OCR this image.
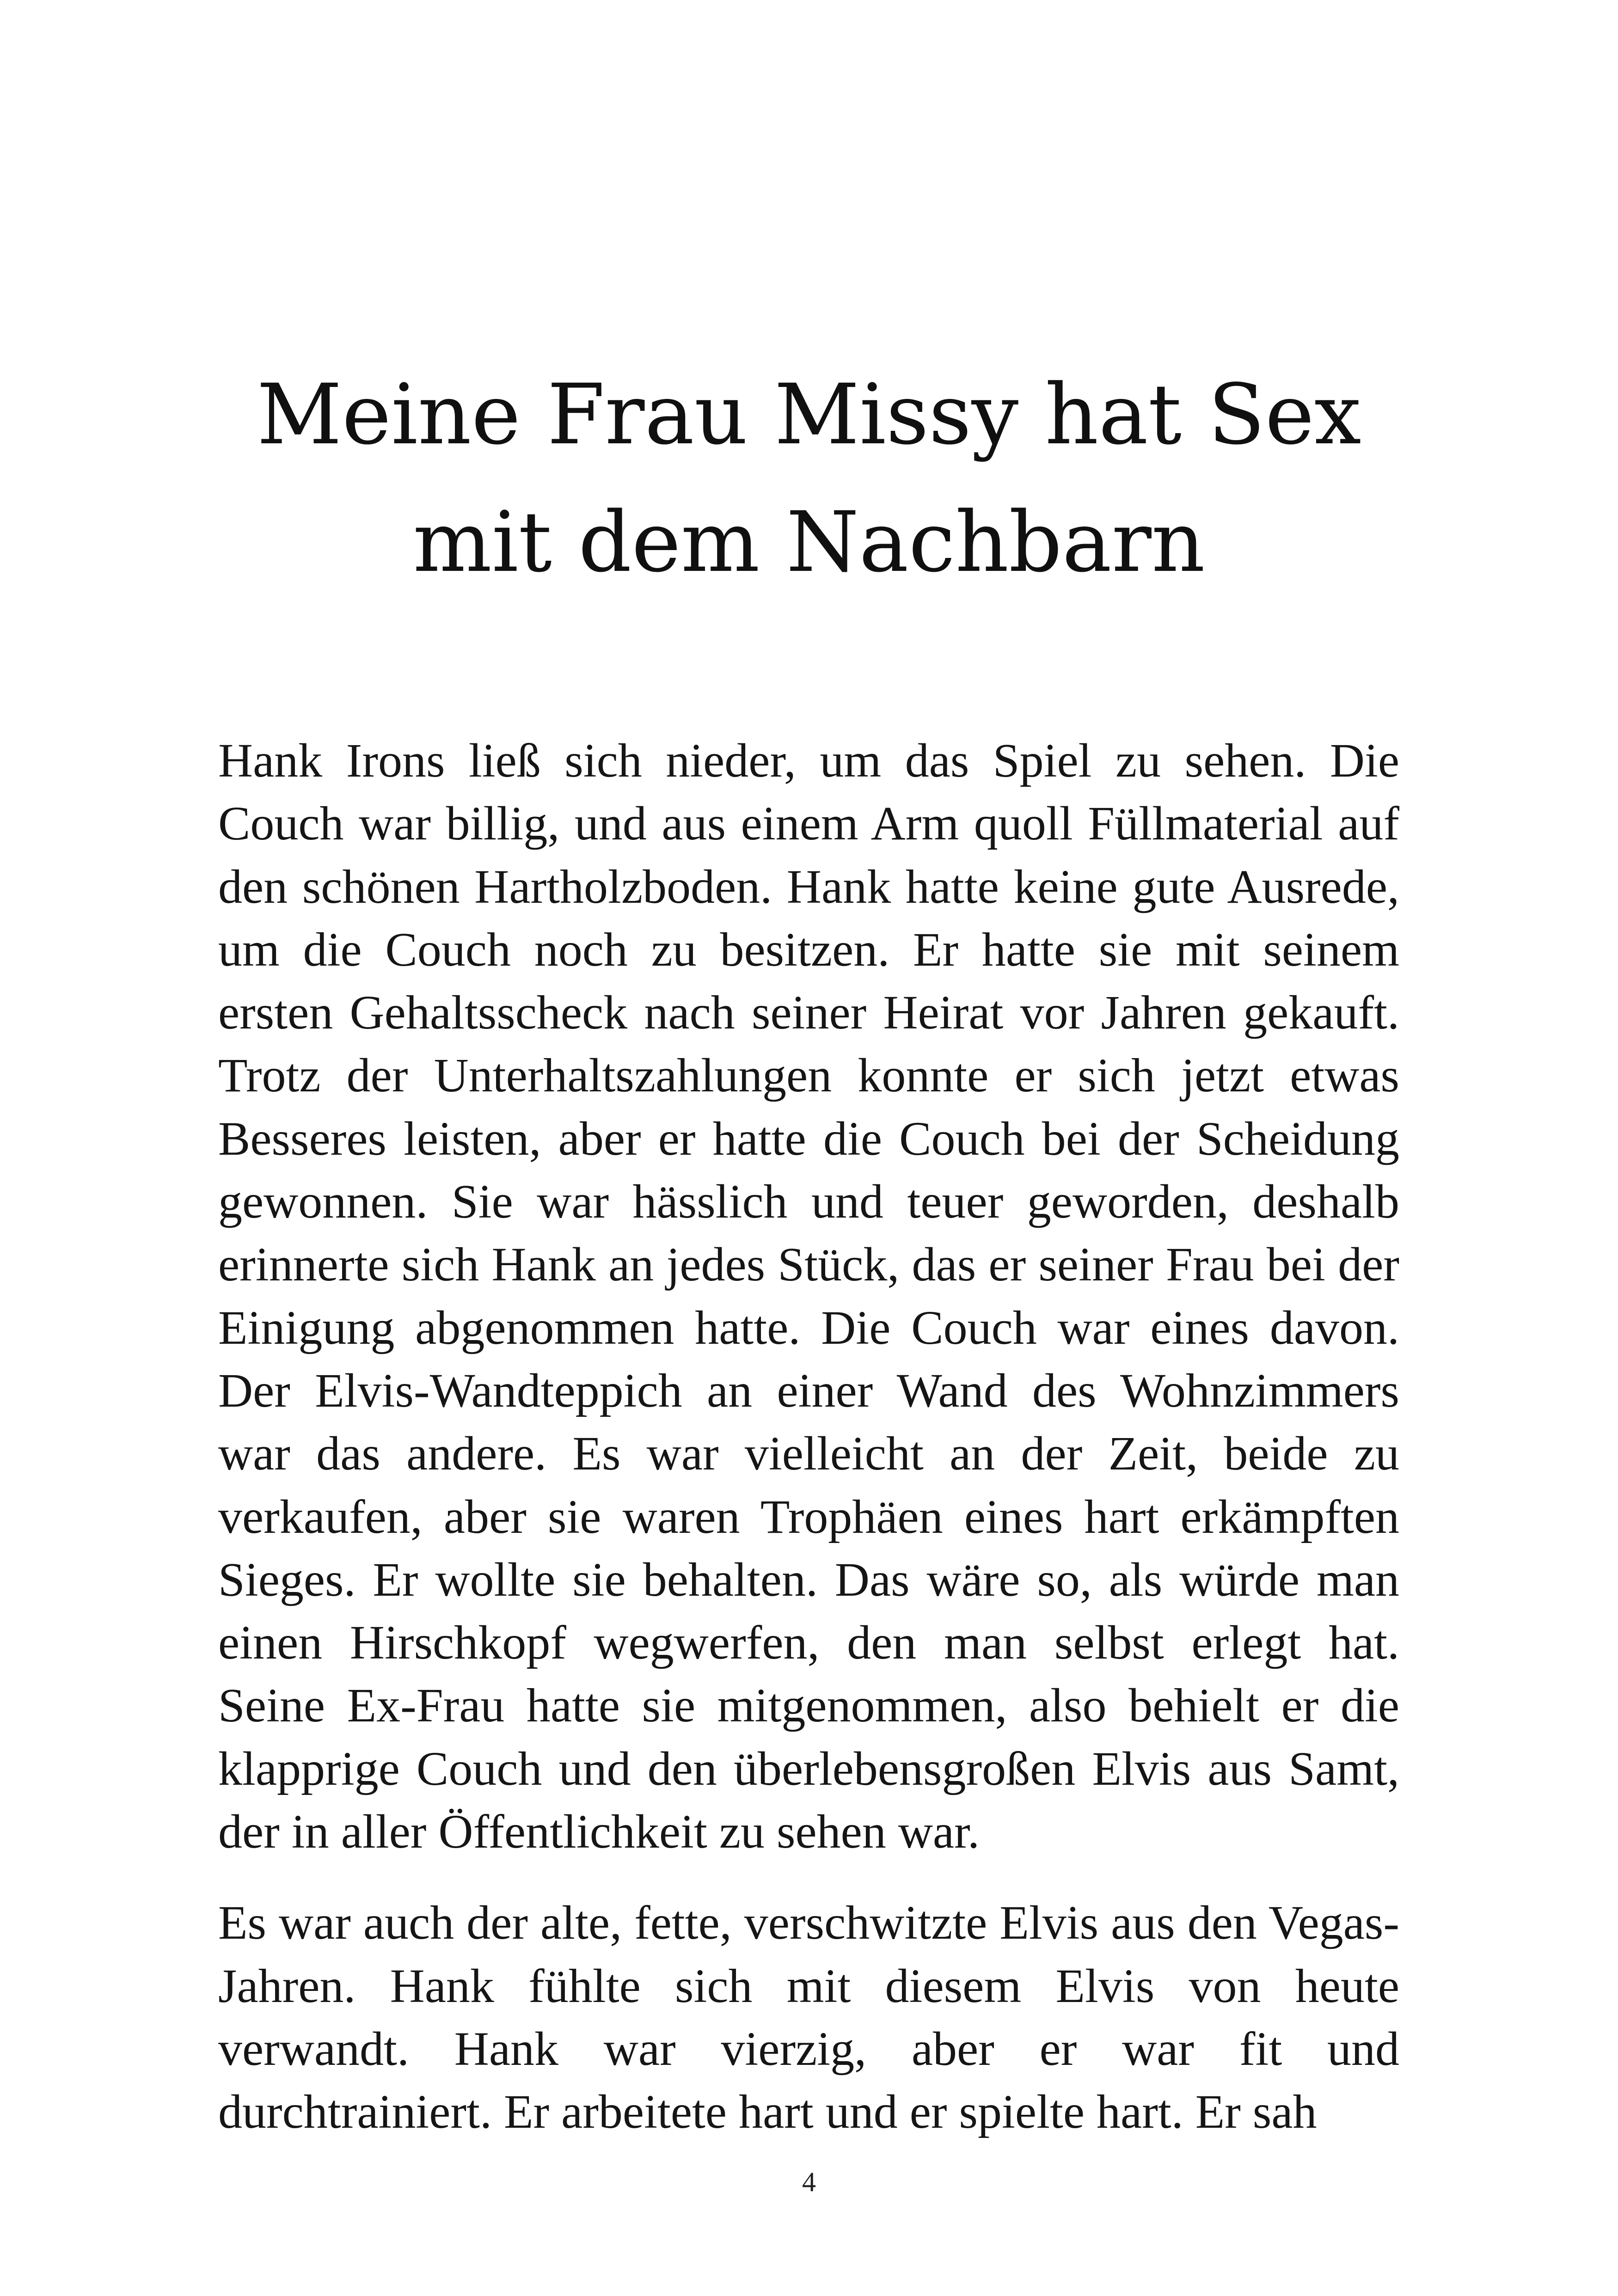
Meine Frau Missy hat Sex mit dem Nachbarn

Hank Irons ließ sich nieder, um das Spiel zu sehen. Die Couch war billig, und aus einem Arm quoll Füllmaterial auf den schönen Hartholzboden. Hank hatte keine gute Ausrede, um die Couch noch zu besitzen. Er hatte sie mit seinem ersten Gehaltsscheck nach seiner Heirat vor Jahren gekauft. Trotz der Unterhaltszahlungen konnte er sich jetzt etwas Besseres leisten, aber er hatte die Couch bei der Scheidung gewonnen. Sie war hässlich und teuer geworden, deshalb erinnerte sich Hank an jedes Stück, das er seiner Frau bei der Einigung abgenommen hatte. Die Couch war eines davon. Der Elvis-Wandteppich an einer Wand des Wohnzimmers war das andere. Es war vielleicht an der Zeit, beide zu verkaufen, aber sie waren Trophäen eines hart erkämpften Sieges. Er wollte sie behalten. Das wäre so, als würde man einen Hirschkopf wegwerfen, den man selbst erlegt hat. Seine Ex-Frau hatte sie mitgenommen, also behielt er die klapprige Couch und den überlebensgroßen Elvis aus Samt, der in aller Öffentlichkeit zu sehen war.

Es war auch der alte, fette, verschwitzte Elvis aus den Vegas-Jahren. Hank fühlte sich mit diesem Elvis von heute verwandt. Hank war vierzig, aber er war fit und durchtrainiert. Er arbeitete hart und er spielte hart. Er sah

4
